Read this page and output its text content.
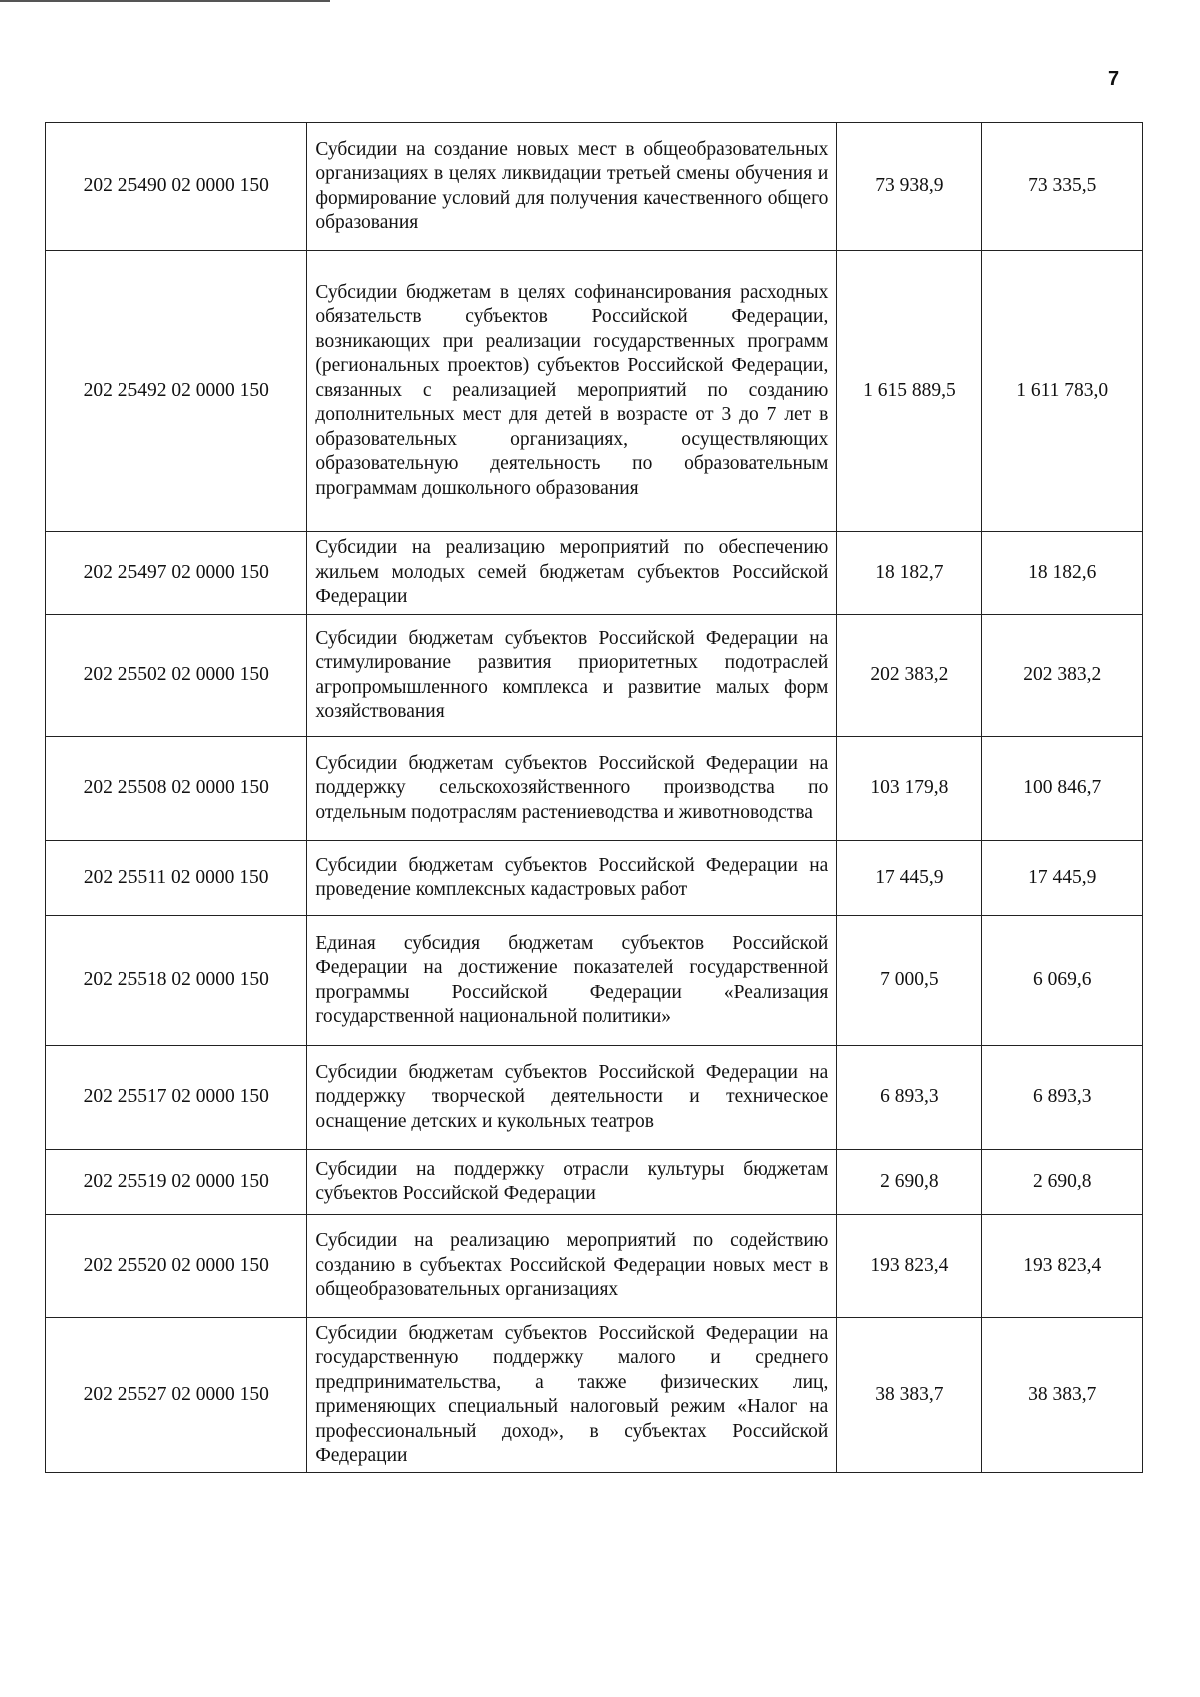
7
202 25490 02 0000 150	Субсидии на создание новых мест в общеобразовательных организациях в целях ликвидации третьей смены обучения и формирование условий для получения качественного общего образования	73 938,9	73 335,5
202 25492 02 0000 150	Субсидии бюджетам в целях софинансирования расходных обязательств субъектов Российской Федерации, возникающих при реализации государственных программ (региональных проектов) субъектов Российской Федерации, связанных с реализацией мероприятий по созданию дополнительных мест для детей в возрасте от 3 до 7 лет в образовательных организациях, осуществляющих образовательную деятельность по образовательным программам дошкольного образования	1 615 889,5	1 611 783,0
202 25497 02 0000 150	Субсидии на реализацию мероприятий по обеспечению жильем молодых семей бюджетам субъектов Российской Федерации	18 182,7	18 182,6
202 25502 02 0000 150	Субсидии бюджетам субъектов Российской Федерации на стимулирование развития приоритетных подотраслей агропромышленного комплекса и развитие малых форм хозяйствования	202 383,2	202 383,2
202 25508 02 0000 150	Субсидии бюджетам субъектов Российской Федерации на поддержку сельскохозяйственного производства по отдельным подотраслям растениеводства и животноводства	103 179,8	100 846,7
202 25511 02 0000 150	Субсидии бюджетам субъектов Российской Федерации на проведение комплексных кадастровых работ	17 445,9	17 445,9
202 25518 02 0000 150	Единая субсидия бюджетам субъектов Российской Федерации на достижение показателей государственной программы Российской Федерации «Реализация государственной национальной политики»	7 000,5	6 069,6
202 25517 02 0000 150	Субсидии бюджетам субъектов Российской Федерации на поддержку творческой деятельности и техническое оснащение детских и кукольных театров	6 893,3	6 893,3
202 25519 02 0000 150	Субсидии на поддержку отрасли культуры бюджетам субъектов Российской Федерации	2 690,8	2 690,8
202 25520 02 0000 150	Субсидии на реализацию мероприятий по содействию созданию в субъектах Российской Федерации новых мест в общеобразовательных организациях	193 823,4	193 823,4
202 25527 02 0000 150	Субсидии бюджетам субъектов Российской Федерации на государственную поддержку малого и среднего предпринимательства, а также физических лиц, применяющих специальный налоговый режим «Налог на профессиональный доход», в субъектах Российской Федерации	38 383,7	38 383,7
